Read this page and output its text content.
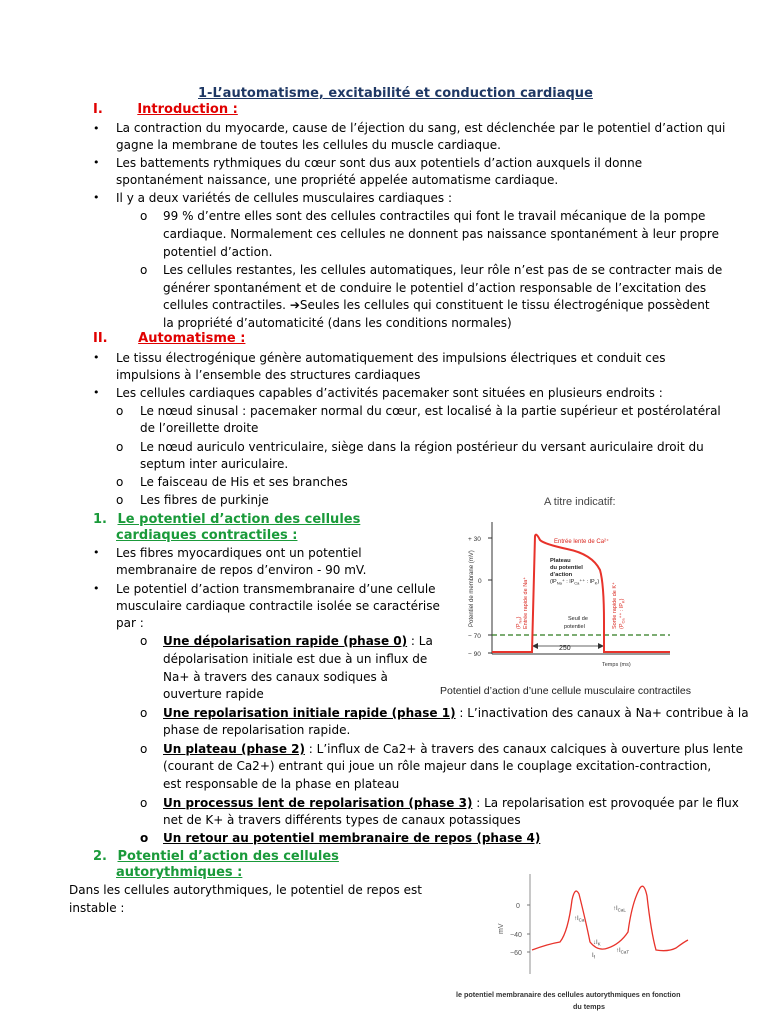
1-L’automatisme, excitabilité et conduction cardiaque
I.	Introduction :
• La contraction du myocarde, cause de l’éjection du sang, est déclenchée par le potentiel d’action qui
gagne la membrane de toutes les cellules du muscle cardiaque.
• Les battements rythmiques du cœur sont dus aux potentiels d’action auxquels il donne
spontanément naissance, une propriété appelée automatisme cardiaque.
• Il y a deux variétés de cellules musculaires cardiaques :
o 99 % d’entre elles sont des cellules contractiles qui font le travail mécanique de la pompe
cardiaque. Normalement ces cellules ne donnent pas naissance spontanément à leur propre
potentiel d’action.
o Les cellules restantes, les cellules automatiques, leur rôle n’est pas de se contracter mais de
générer spontanément et de conduire le potentiel d’action responsable de l’excitation des
cellules contractiles. ➔Seules les cellules qui constituent le tissu électrogénique possèdent
la propriété d’automaticité (dans les conditions normales)
II. Automatisme :
• Le tissu électrogénique génère automatiquement des impulsions électriques et conduit ces
impulsions à l’ensemble des structures cardiaques
• Les cellules cardiaques capables d’activités pacemaker sont situées en plusieurs endroits :
o Le nœud sinusal : pacemaker normal du cœur, est localisé à la partie supérieur et postérolatéral
de l’oreillette droite
o Le nœud auriculo ventriculaire, siège dans la région postérieur du versant auriculaire droit du
septum inter auriculaire.
o Le faisceau de His et ses branches
o Les fibres de purkinje
1. Le potentiel d’action des cellules
cardiaques contractiles :
• Les fibres myocardiques ont un potentiel
membranaire de repos d’environ - 90 mV.
• Le potentiel d’action transmembranaire d’une cellule
musculaire cardiaque contractile isolée se caractérise
par :
o Une dépolarisation rapide (phase 0) : La
dépolarisation initiale est due à un influx de
Na+ à travers des canaux sodiques à
ouverture rapide
o Une repolarisation initiale rapide (phase 1) : L’inactivation des canaux à Na+ contribue à la
phase de repolarisation rapide.
o Un plateau (phase 2) : L’influx de Ca2+ à travers des canaux calciques à ouverture plus lente
(courant de Ca2+) entrant qui joue un rôle majeur dans le couplage excitation-contraction,
est responsable de la phase en plateau
o Un processus lent de repolarisation (phase 3) : La repolarisation est provoquée par le flux
net de K+ à travers différents types de canaux potassiques
o Un retour au potentiel membranaire de repos (phase 4)
2. Potentiel d’action des cellules
autorythmiques :
Dans les cellules autorythmiques, le potentiel de repos est
instable :
A titre indicatif:
+ 30
0
− 70
− 90
Potentiel de membrane (mV)
Temps (ms)
Seuil de
potentiel
250
Entrée lente de Ca²⁺
Plateau
du potentiel
d’action
($lP_{Na}^+$ : $lP_{Ca}^{++}$ : $lP_K$)
$(P_{Na})$ Entrée rapide de Na⁺	Sortie rapide de K⁺ ($P_{Ca}^{++}$ : $lP_K$)
Potentiel d’action d’une cellule musculaire contractiles
0
−40
−60
mV
$↑I_{Ca}$
$↑I_{CaL}$
$↓I_K$
$↑I_{CaT}$
$I_f$
le potentiel membranaire des cellules autorythmiques en fonction
du temps
